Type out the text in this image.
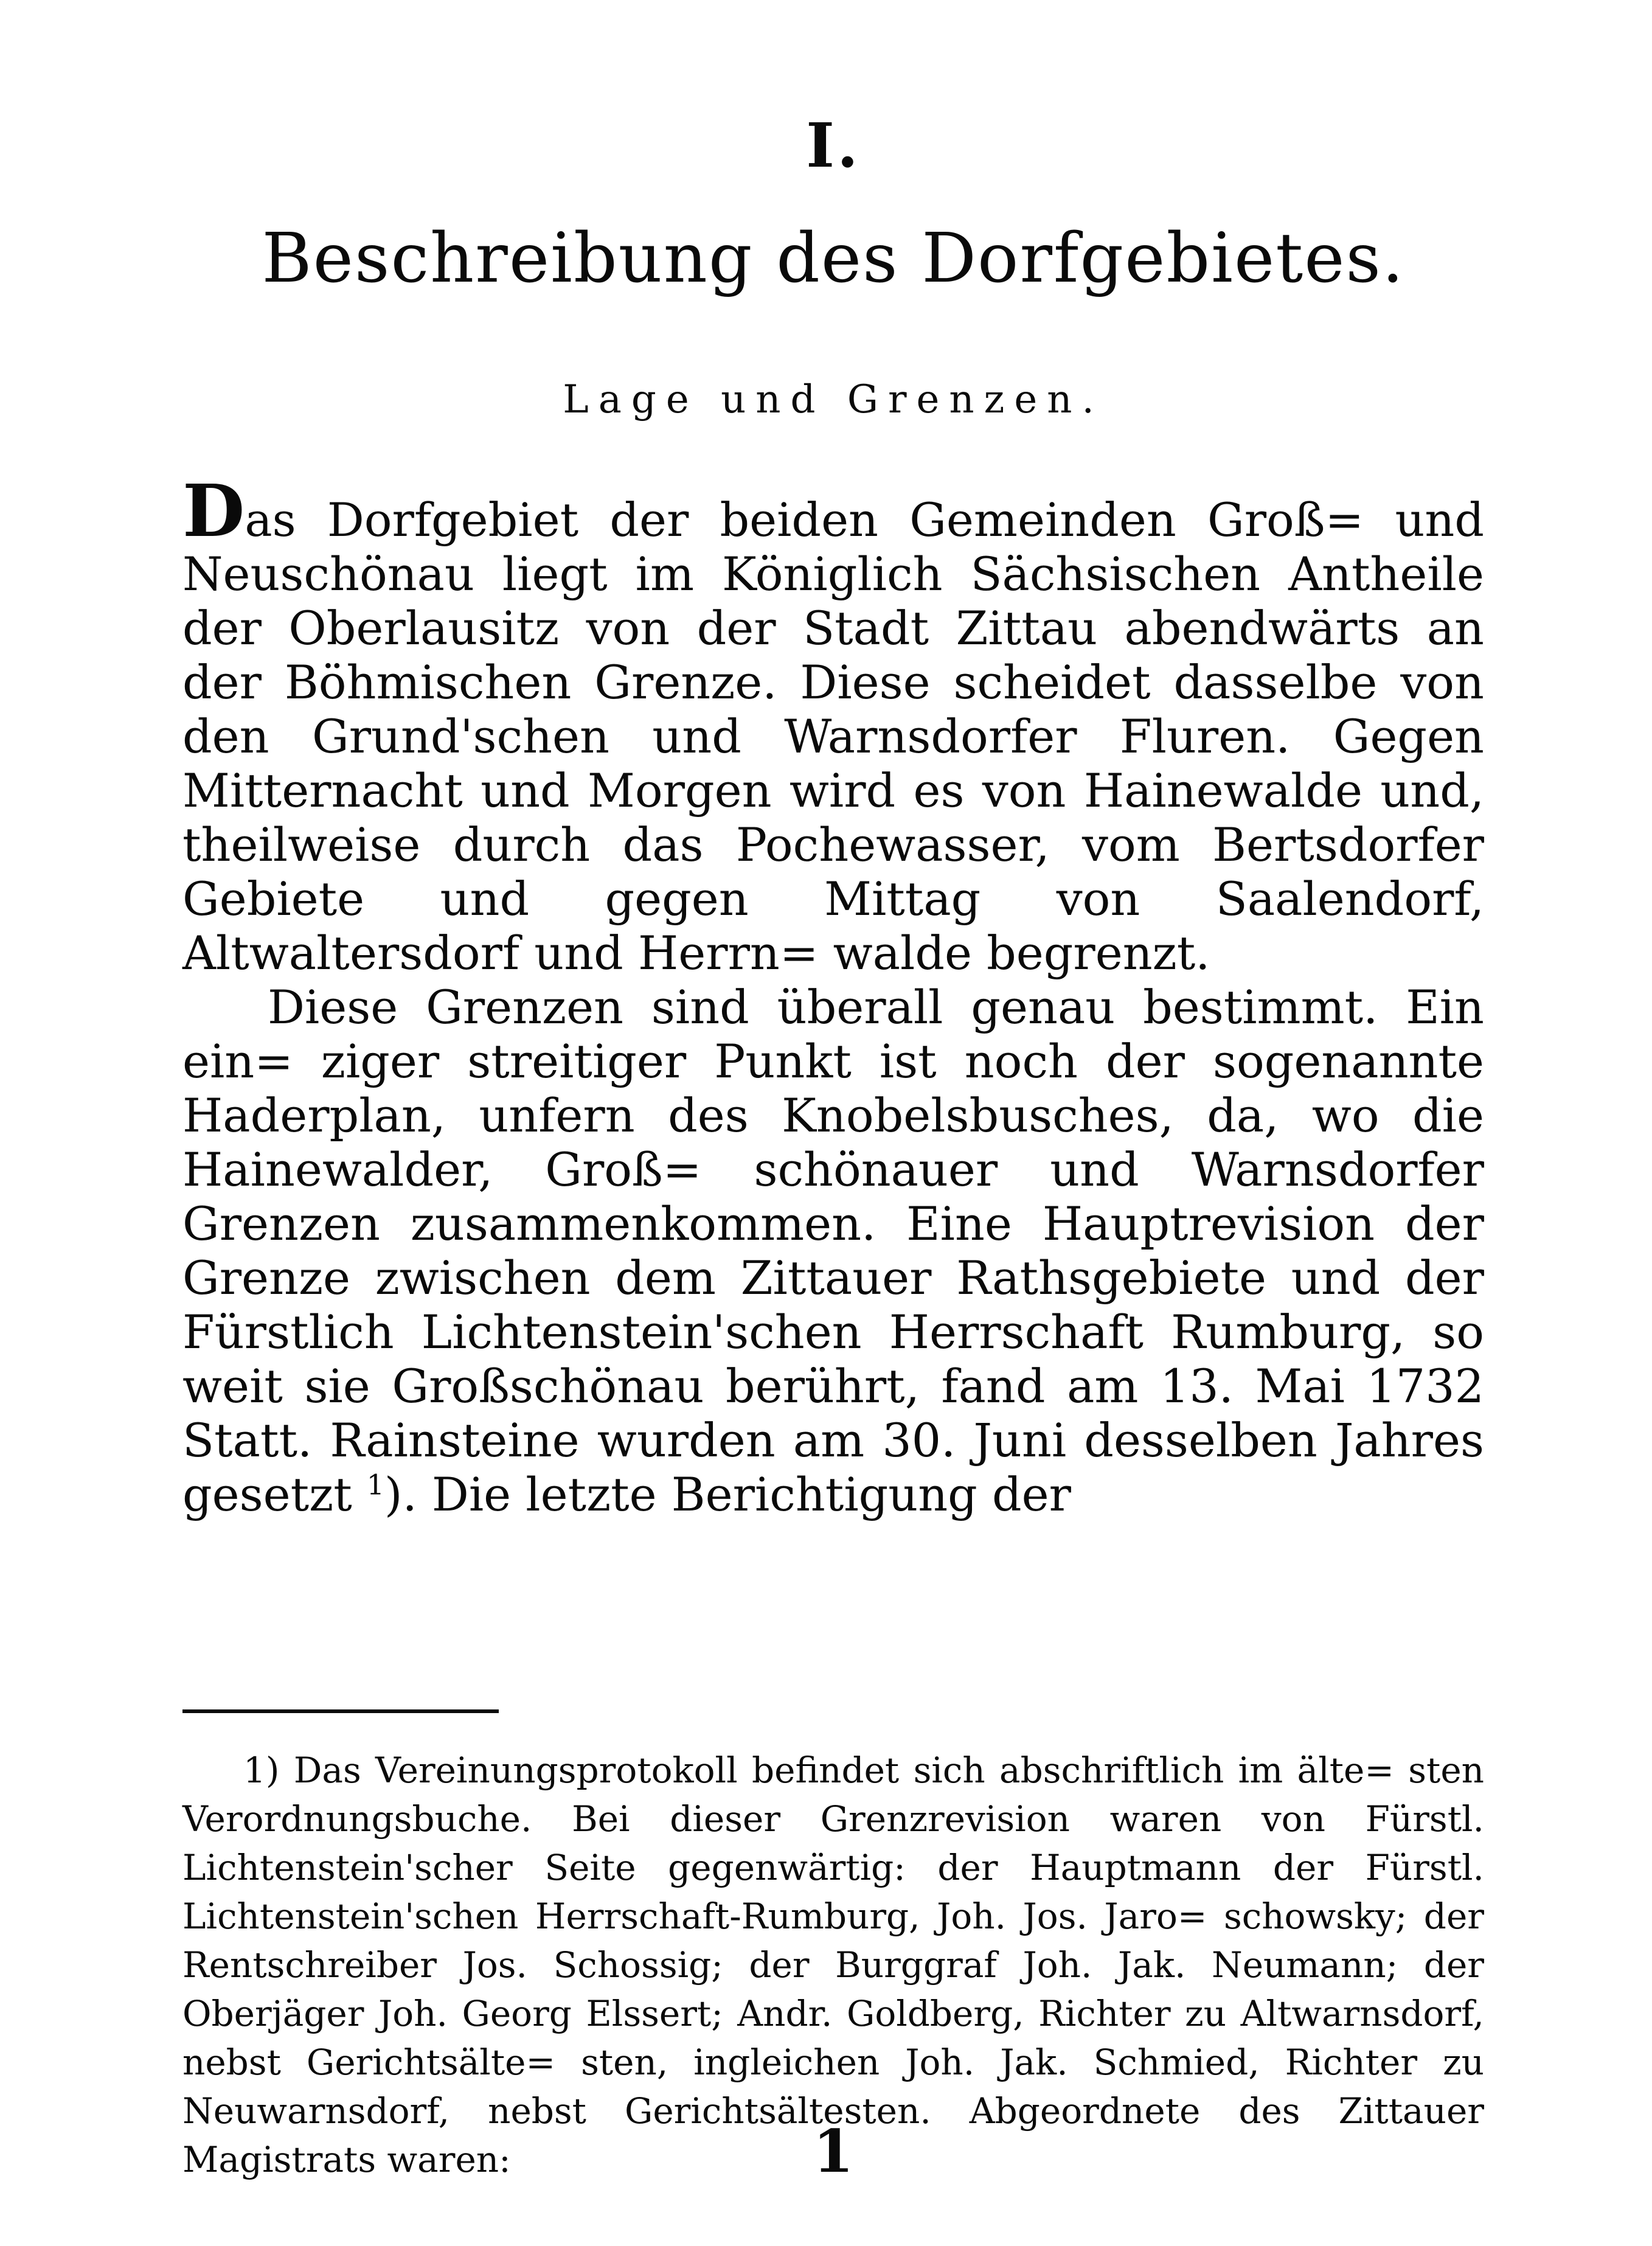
I.
Beschreibung des Dorfgebietes.
Lage und Grenzen.

Das Dorfgebiet der beiden Gemeinden Groß= und Neuschönau liegt im Königlich Sächsischen Antheile der Oberlausitz von der Stadt Zittau abendwärts an der Böhmischen Grenze. Diese scheidet dasselbe von den Grund'schen und Warnsdorfer Fluren. Gegen Mitternacht und Morgen wird es von Hainewalde und, theilweise durch das Pochewasser, vom Bertsdorfer Gebiete und gegen Mittag von Saalendorf, Altwaltersdorf und Herrn= walde begrenzt.

Diese Grenzen sind überall genau bestimmt. Ein ein= ziger streitiger Punkt ist noch der sogenannte Haderplan, unfern des Knobelsbusches, da, wo die Hainewalder, Groß= schönauer und Warnsdorfer Grenzen zusammenkommen. Eine Hauptrevision der Grenze zwischen dem Zittauer Rathsgebiete und der Fürstlich Lichtenstein'schen Herrschaft Rumburg, so weit sie Großschönau berührt, fand am 13. Mai 1732 Statt. Rainsteine wurden am 30. Juni desselben Jahres gesetzt $^1$). Die letzte Berichtigung der

1) Das Vereinungsprotokoll befindet sich abschriftlich im älte= sten Verordnungsbuche. Bei dieser Grenzrevision waren von Fürstl. Lichtenstein'scher Seite gegenwärtig: der Hauptmann der Fürstl. Lichtenstein'schen Herrschaft-Rumburg, Joh. Jos. Jaro= schowsky; der Rentschreiber Jos. Schossig; der Burggraf Joh. Jak. Neumann; der Oberjäger Joh. Georg Elssert; Andr. Goldberg, Richter zu Altwarnsdorf, nebst Gerichtsälte= sten, ingleichen Joh. Jak. Schmied, Richter zu Neuwarnsdorf, nebst Gerichtsältesten. Abgeordnete des Zittauer Magistrats waren:	1
